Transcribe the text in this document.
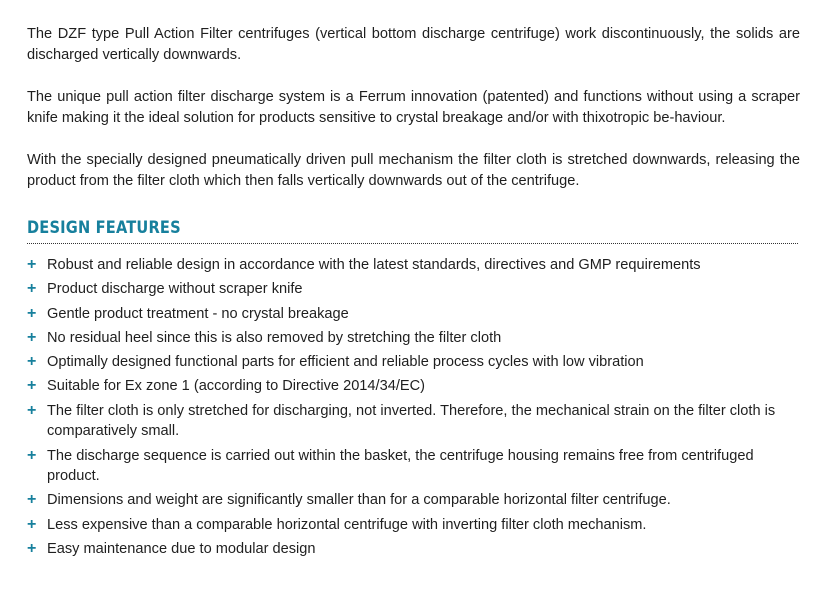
The DZF type Pull Action Filter centrifuges (vertical bottom discharge centrifuge) work discontinuously, the solids are discharged vertically downwards.

The unique pull action filter discharge system is a Ferrum innovation (patented) and functions without using a scraper knife making it the ideal solution for products sensitive to crystal breakage and/or with thixotropic be-haviour.

With the specially designed pneumatically driven pull mechanism the filter cloth is stretched downwards, releasing the product from the filter cloth which then falls vertically downwards out of the centrifuge.

DESIGN FEATURES
+ Robust and reliable design in accordance with the latest standards, directives and GMP requirements
+ Product discharge without scraper knife
+ Gentle product treatment - no crystal breakage
+ No residual heel since this is also removed by stretching the filter cloth
+ Optimally designed functional parts for efficient and reliable process cycles with low vibration
+ Suitable for Ex zone 1 (according to Directive 2014/34/EC)
+ The filter cloth is only stretched for discharging, not inverted. Therefore, the mechanical strain on the filter cloth is comparatively small.
+ The discharge sequence is carried out within the basket, the centrifuge housing remains free from centrifuged product.
+ Dimensions and weight are significantly smaller than for a comparable horizontal filter centrifuge.
+ Less expensive than a comparable horizontal centrifuge with inverting filter cloth mechanism.
+ Easy maintenance due to modular design
